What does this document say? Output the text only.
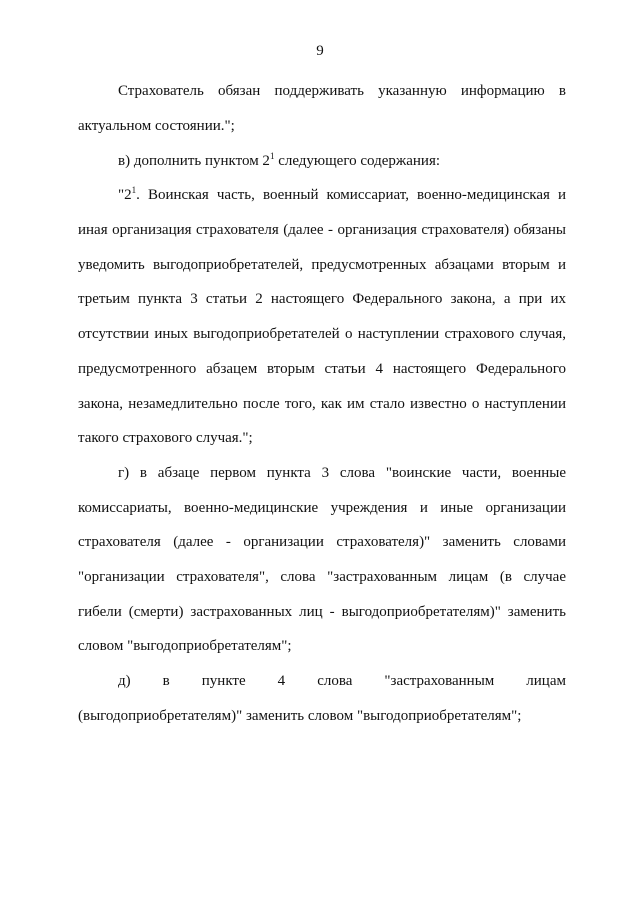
9
Страхователь обязан поддерживать указанную информацию в
актуальном состоянии.";
в) дополнить пунктом $2^1$ следующего содержания:
"$2^1$. Воинская часть, военный комиссариат, военно-медицинская и
иная организация страхователя (далее - организация страхователя) обязаны
уведомить выгодоприобретателей, предусмотренных абзацами вторым и
третьим пункта 3 статьи 2 настоящего Федерального закона, а при их
отсутствии иных выгодоприобретателей о наступлении страхового случая,
предусмотренного абзацем вторым статьи 4 настоящего Федерального
закона, незамедлительно после того, как им стало известно о наступлении
такого страхового случая.";
г) в абзаце первом пункта 3 слова "воинские части, военные
комиссариаты, военно-медицинские учреждения и иные организации
страхователя (далее - организации страхователя)" заменить словами
"организации страхователя", слова "застрахованным лицам (в случае
гибели (смерти) застрахованных лиц - выгодоприобретателям)" заменить
словом "выгодоприобретателям";
д) в пункте 4 слова "застрахованным лицам
(выгодоприобретателям)" заменить словом "выгодоприобретателям";
